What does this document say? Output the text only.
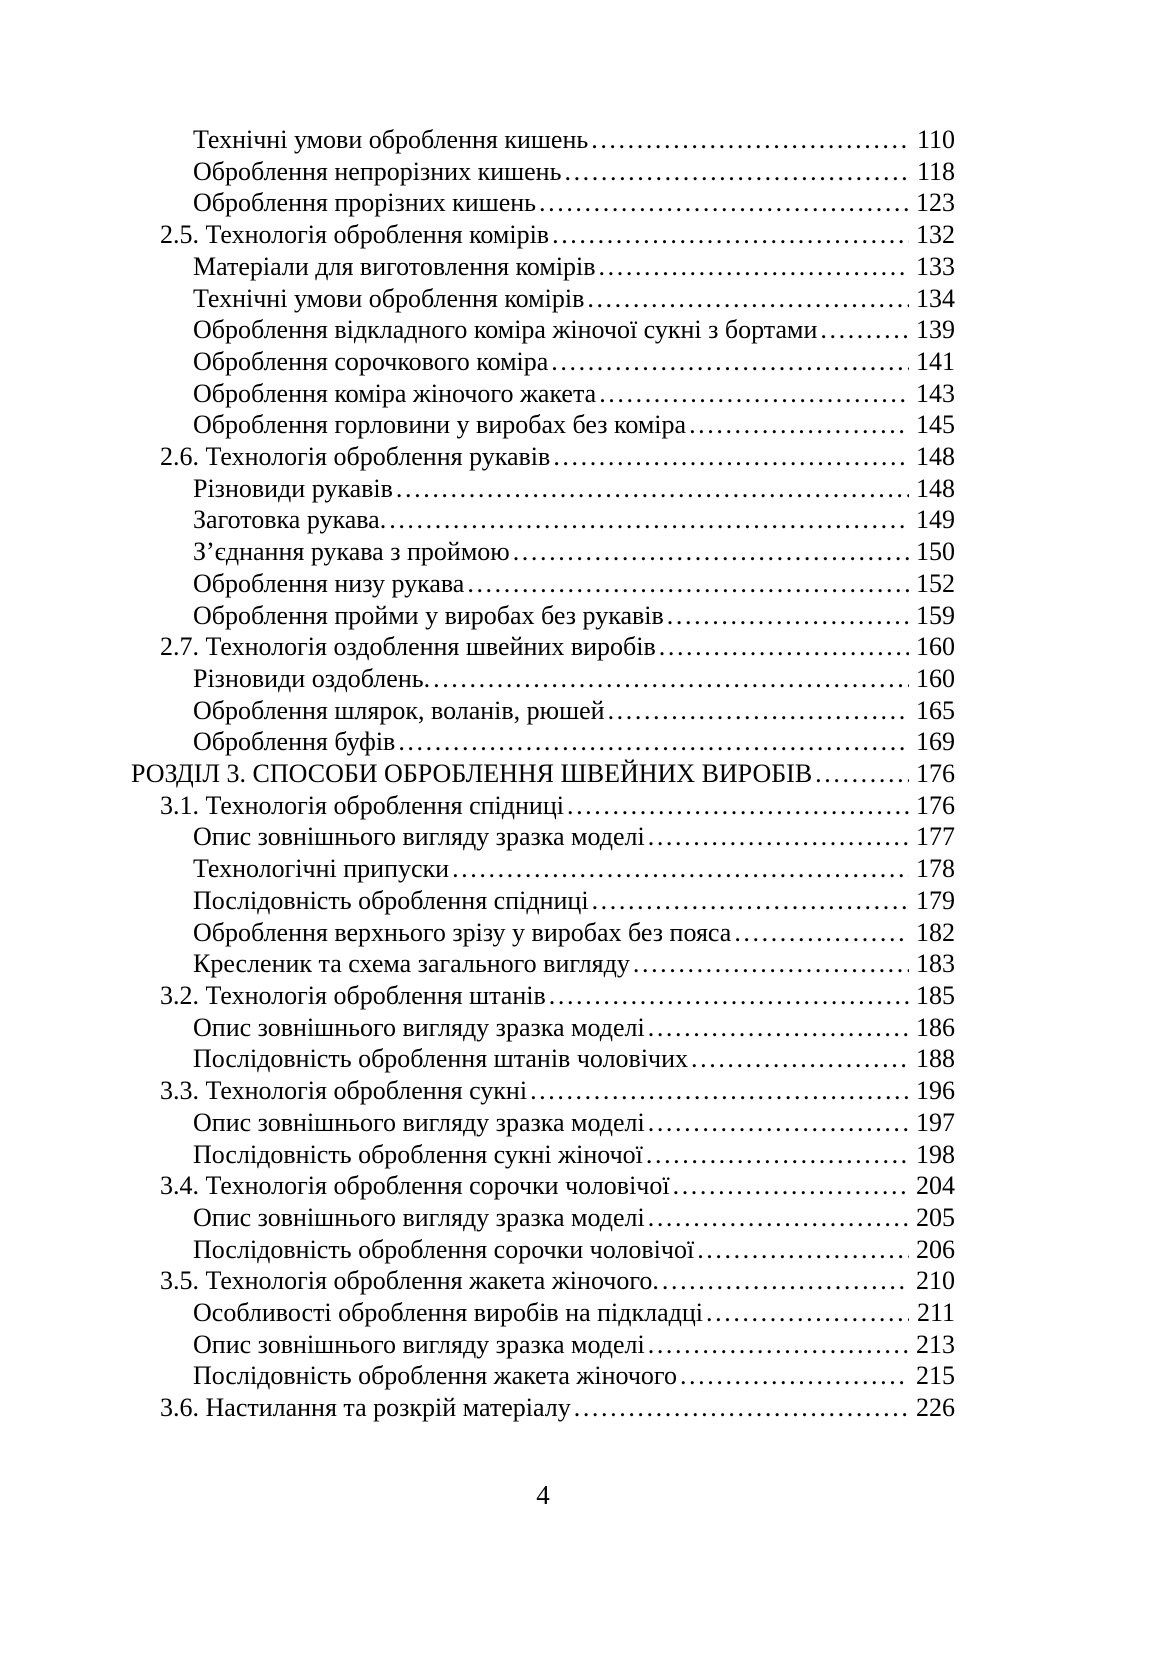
Технічні умови оброблення кишень .....	110
Оброблення непрорізних кишень .....	118
Оброблення прорізних кишень .....	123
2.5. Технологія оброблення комірів .....	132
Матеріали для виготовлення комірів .....	133
Технічні умови оброблення комірів .....	134
Оброблення відкладного коміра жіночої сукні з бортами .....	139
Оброблення сорочкового коміра .....	141
Оброблення коміра жіночого жакета .....	143
Оброблення горловини у виробах без коміра .....	145
2.6. Технологія оброблення рукавів .....	148
Різновиди рукавів .....	148
Заготовка рукава. .....	149
З’єднання рукава з проймою .....	150
Оброблення низу рукава .....	152
Оброблення пройми у виробах без рукавів .....	159
2.7. Технологія оздоблення швейних виробів .....	160
Різновиди оздоблень. .....	160
Оброблення шлярок, воланів, рюшей .....	165
Оброблення буфів .....	169
РОЗДІЛ 3. СПОСОБИ ОБРОБЛЕННЯ ШВЕЙНИХ ВИРОБІВ .....	176
3.1. Технологія оброблення спідниці .....	176
Опис зовнішнього вигляду зразка моделі .....	177
Технологічні припуски .....	178
Послідовність оброблення спідниці .....	179
Оброблення верхнього зрізу у виробах без пояса .....	182
Кресленик та схема загального вигляду .....	183
3.2. Технологія оброблення штанів .....	185
Опис зовнішнього вигляду зразка моделі .....	186
Послідовність оброблення штанів чоловічих .....	188
3.3. Технологія оброблення сукні .....	196
Опис зовнішнього вигляду зразка моделі .....	197
Послідовність оброблення сукні жіночої .....	198
3.4. Технологія оброблення сорочки чоловічої .....	204
Опис зовнішнього вигляду зразка моделі .....	205
Послідовність оброблення сорочки чоловічої .....	206
3.5. Технологія оброблення жакета жіночого. .....	210
Особливості оброблення виробів на підкладці .....	211
Опис зовнішнього вигляду зразка моделі .....	213
Послідовність оброблення жакета жіночого .....	215
3.6. Настилання та розкрій матеріалу .....	226
4
